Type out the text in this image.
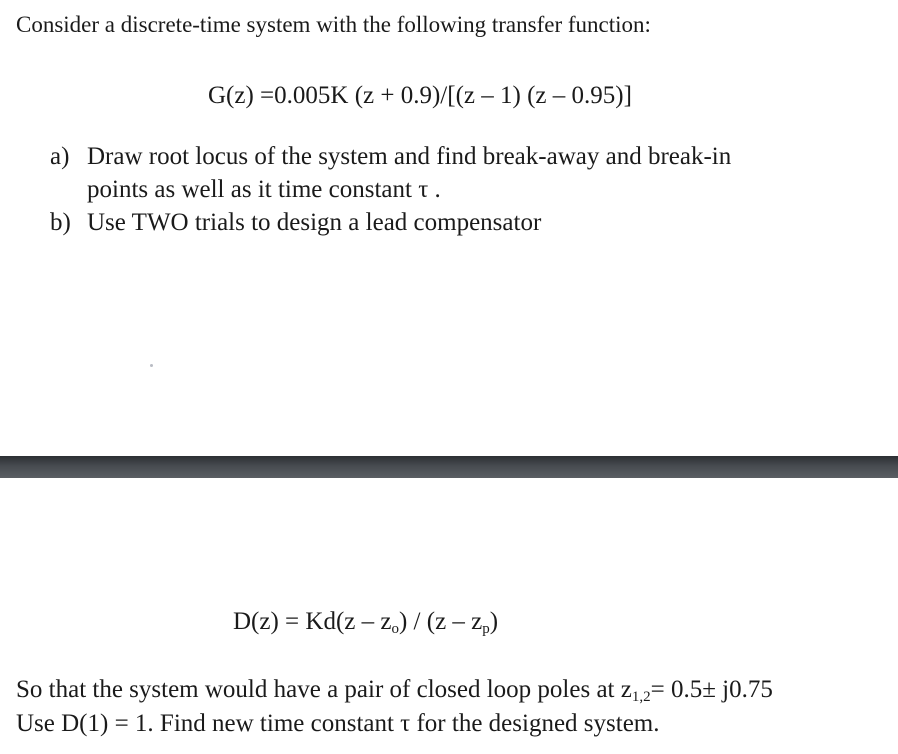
Consider a discrete-time system with the following transfer function:
G(z) =0.005K (z + 0.9)/[(z – 1) (z – 0.95)]
a) Draw root locus of the system and find break-away and break-in
points as well as it time constant τ .
b) Use TWO trials to design a lead compensator
$D(z) = Kd(z - z_o) / (z - z_p)$
So that the system would have a pair of closed loop poles at $z_{1,2}= 0.5\pm j0.75$
Use D(1) = 1. Find new time constant τ for the designed system.
